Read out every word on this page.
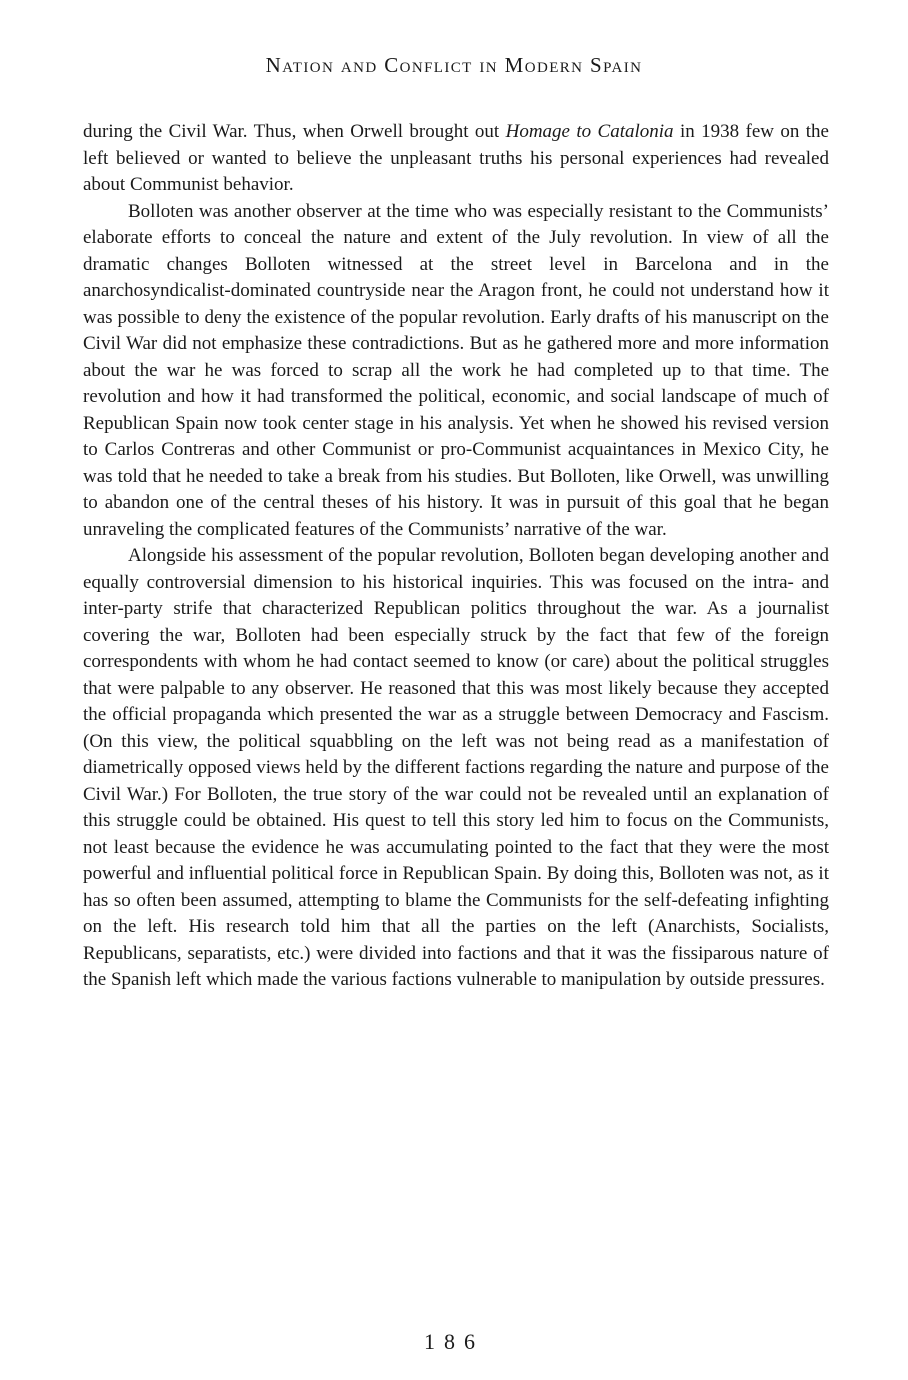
Nation and Conflict in Modern Spain

during the Civil War. Thus, when Orwell brought out Homage to Catalonia in 1938 few on the left believed or wanted to believe the unpleasant truths his personal experiences had revealed about Communist behavior.

Bolloten was another observer at the time who was especially resistant to the Communists’ elaborate efforts to conceal the nature and extent of the July revolution. In view of all the dramatic changes Bolloten witnessed at the street level in Barcelona and in the anarchosyndicalist-dominated countryside near the Aragon front, he could not understand how it was possible to deny the existence of the popular revolution. Early drafts of his manuscript on the Civil War did not emphasize these contradictions. But as he gathered more and more information about the war he was forced to scrap all the work he had completed up to that time. The revolution and how it had transformed the political, economic, and social landscape of much of Republican Spain now took center stage in his analysis. Yet when he showed his revised version to Carlos Contreras and other Communist or pro-Communist acquaintances in Mexico City, he was told that he needed to take a break from his studies. But Bolloten, like Orwell, was unwilling to abandon one of the central theses of his history. It was in pursuit of this goal that he began unraveling the complicated features of the Communists’ narrative of the war.

Alongside his assessment of the popular revolution, Bolloten began developing another and equally controversial dimension to his historical inquiries. This was focused on the intra- and inter-party strife that characterized Republican politics throughout the war. As a journalist covering the war, Bolloten had been especially struck by the fact that few of the foreign correspondents with whom he had contact seemed to know (or care) about the political struggles that were palpable to any observer. He reasoned that this was most likely because they accepted the official propaganda which presented the war as a struggle between Democracy and Fascism. (On this view, the political squabbling on the left was not being read as a manifestation of diametrically opposed views held by the different factions regarding the nature and purpose of the Civil War.) For Bolloten, the true story of the war could not be revealed until an explanation of this struggle could be obtained. His quest to tell this story led him to focus on the Communists, not least because the evidence he was accumulating pointed to the fact that they were the most powerful and influential political force in Republican Spain. By doing this, Bolloten was not, as it has so often been assumed, attempting to blame the Communists for the self-defeating infighting on the left. His research told him that all the parties on the left (Anarchists, Socialists, Republicans, separatists, etc.) were divided into factions and that it was the fissiparous nature of the Spanish left which made the various factions vulnerable to manipulation by outside pressures.

186
